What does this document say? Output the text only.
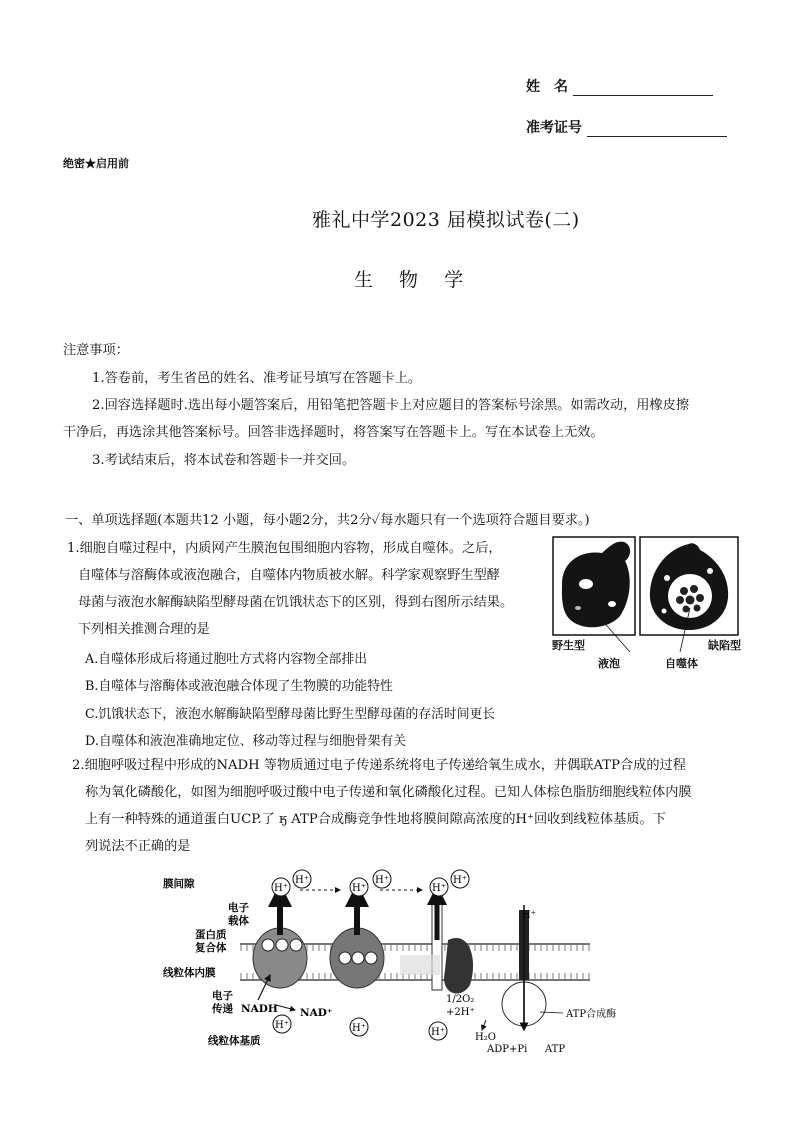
姓　名
准考证号
绝密★启用前
雅礼中学2023 届模拟试卷(二)
生 物 学
注意事项：
1.答卷前，考生省邑的姓名、准考证号填写在答题卡上。
2.回容选择题时.选出每小题答案后，用铅笔把答题卡上对应题目的答案标号涂黑。如需改动，用橡皮擦
干净后，再选涂其他答案标号。回答非选择题时，将答案写在答题卡上。写在本试卷上无效。
3.考试结束后，将本试卷和答题卡一并交回。
一、单项选择题(本题共12 小题，每小题2分，共2分✓每水题只有一个选项符合题目要求。)
1.细胞自噬过程中，内质网产生膜泡包围细胞内容物，形成自噬体。之后，
自噬体与溶酶体或液泡融合，自噬体内物质被水解。科学家观察野生型酵
母菌与液泡水解酶缺陷型酵母菌在饥饿状态下的区别，得到右图所示结果。
下列相关推测合理的是
A.自噬体形成后将通过胞吐方式将内容物全部排出
B.自噬体与溶酶体或液泡融合体现了生物膜的功能特性
C.饥饿状态下，液泡水解酶缺陷型酵母菌比野生型酵母菌的存活时间更长
D.自噬体和液泡准确地定位、移动等过程与细胞骨架有关
野生型
液泡	自噬体
缺陷型
2.细胞呼吸过程中形成的NADH 等物质通过电子传递系统将电子传递给氧生成水，并偶联ATP合成的过程
称为氧化磷酸化，如图为细胞呼吸过酸中电子传递和氧化磷酸化过程。已知人体棕色脂肪细胞线粒体内膜
上有一种特殊的通道蛋白UCP.了 ӄ ATP合成酶竞争性地将膜间隙高浓度的H⁺回收到线粒体基质。下
列说法不正确的是
H⁺
H⁺
H⁺
H⁺
H⁺
H⁺
H⁺	H⁺	H⁺
H⁺
膜间隙
电子
载体
蛋白质
复合体
线粒体内膜
电子
传递 NADH NAD⁺
线粒体基质
1/2O₂
+2H⁺
H₂O
ADP+Pi ATP
ATP合成酶
